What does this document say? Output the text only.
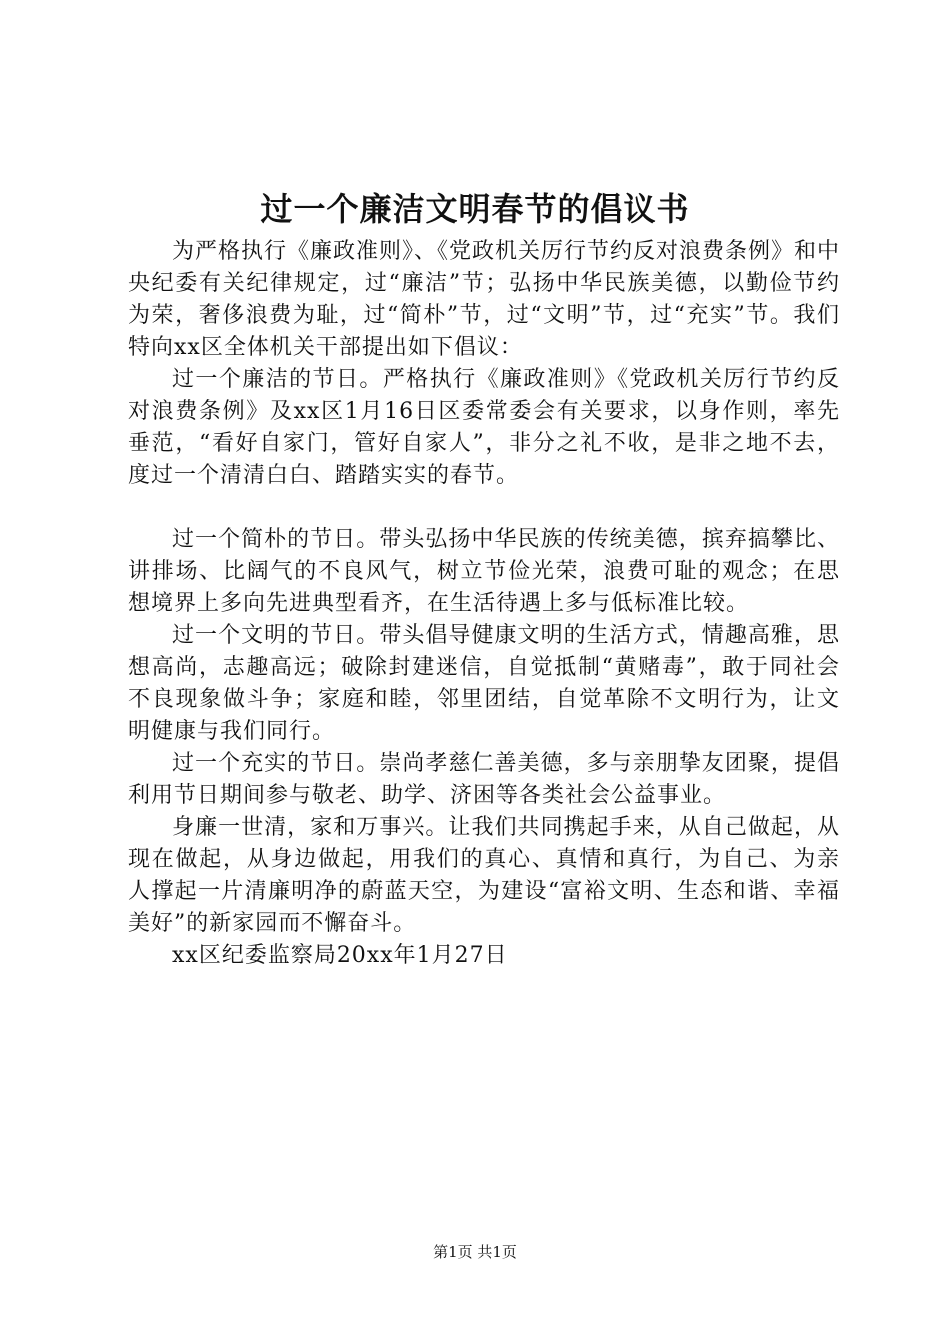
过一个廉洁文明春节的倡议书

为严格执行《廉政准则》、《党政机关厉行节约反对浪费条例》和中央纪委有关纪律规定，过“廉洁”节；弘扬中华民族美德，以勤俭节约为荣，奢侈浪费为耻，过“简朴”节，过“文明”节，过“充实”节。我们特向xx区全体机关干部提出如下倡议：

过一个廉洁的节日。严格执行《廉政准则》《党政机关厉行节约反对浪费条例》及xx区1月16日区委常委会有关要求，以身作则，率先垂范，“看好自家门，管好自家人”，非分之礼不收，是非之地不去，度过一个清清白白、踏踏实实的春节。

过一个简朴的节日。带头弘扬中华民族的传统美德，摈弃搞攀比、讲排场、比阔气的不良风气，树立节俭光荣，浪费可耻的观念；在思想境界上多向先进典型看齐，在生活待遇上多与低标准比较。

过一个文明的节日。带头倡导健康文明的生活方式，情趣高雅，思想高尚，志趣高远；破除封建迷信，自觉抵制“黄赌毒”，敢于同社会不良现象做斗争；家庭和睦，邻里团结，自觉革除不文明行为，让文明健康与我们同行。

过一个充实的节日。崇尚孝慈仁善美德，多与亲朋挚友团聚，提倡利用节日期间参与敬老、助学、济困等各类社会公益事业。

身廉一世清，家和万事兴。让我们共同携起手来，从自己做起，从现在做起，从身边做起，用我们的真心、真情和真行，为自己、为亲人撑起一片清廉明净的蔚蓝天空，为建设“富裕文明、生态和谐、幸福美好”的新家园而不懈奋斗。

xx区纪委监察局20xx年1月27日

第1页 共1页
